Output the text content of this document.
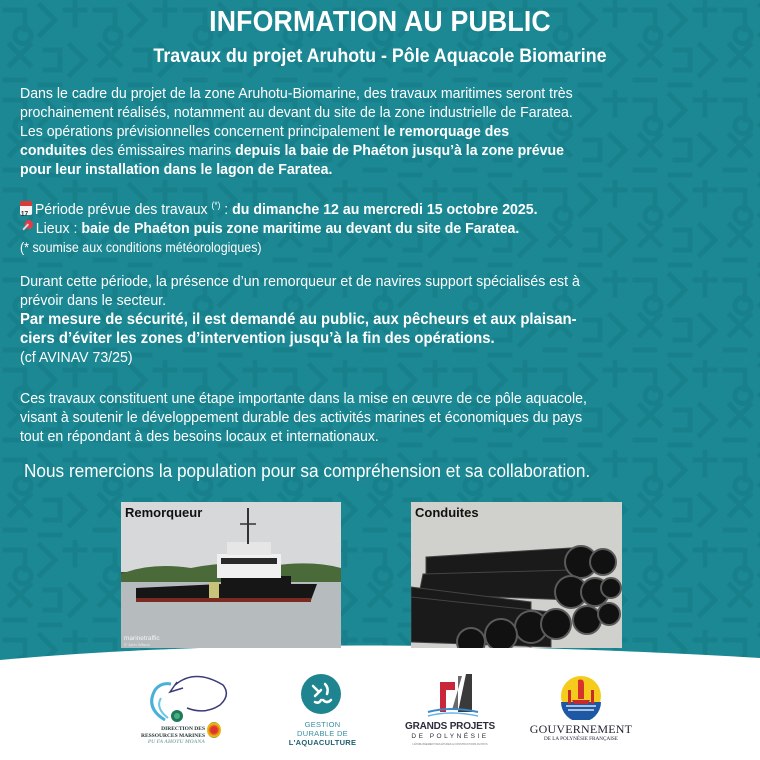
INFORMATION AU PUBLIC
Travaux du projet Aruhotu - Pôle Aquacole Biomarine
Dans le cadre du projet de la zone Aruhotu-Biomarine, des travaux maritimes seront très
prochainement réalisés, notamment au devant du site de la zone industrielle de Faratea.
Les opérations prévisionnelles concernent principalement le remorquage des
conduites des émissaires marins depuis la baie de Phaéton jusqu’à la zone prévue
pour leur installation dans le lagon de Faratea.
17Période prévue des travaux (*) : du dimanche 12 au mercredi 15 octobre 2025.
Lieux : baie de Phaéton puis zone maritime au devant du site de Faratea.
(* soumise aux conditions météorologiques)
Durant cette période, la présence d’un remorqueur et de navires support spécialisés est à
prévoir dans le secteur.
Par mesure de sécurité, il est demandé au public, aux pêcheurs et aux plaisan-
ciers d’éviter les zones d’intervention jusqu’à la fin des opérations.
(cf AVINAV 73/25)
Ces travaux constituent une étape importante dans la mise en œuvre de ce pôle aquacole,
visant à soutenir le développement durable des activités marines et économiques du pays
tout en répondant à des besoins locaux et internationaux.
Nous remercions la population pour sa compréhension et sa collaboration.
Remorqueur
marinetraffic
© John Wilson
Conduites
DIRECTION DES
RESSOURCES MARINES
PU FA AHOTU MOANA
GESTION
DURABLE DE
L'AQUACULTURE
GRANDS PROJETS
DE POLYNÉSIE
L'ÉTABLISSEMENT DES ÉTUDES & CONSTRUCTIONS DU PAYS
GOUVERNEMENT
DE LA POLYNÉSIE FRANÇAISE
